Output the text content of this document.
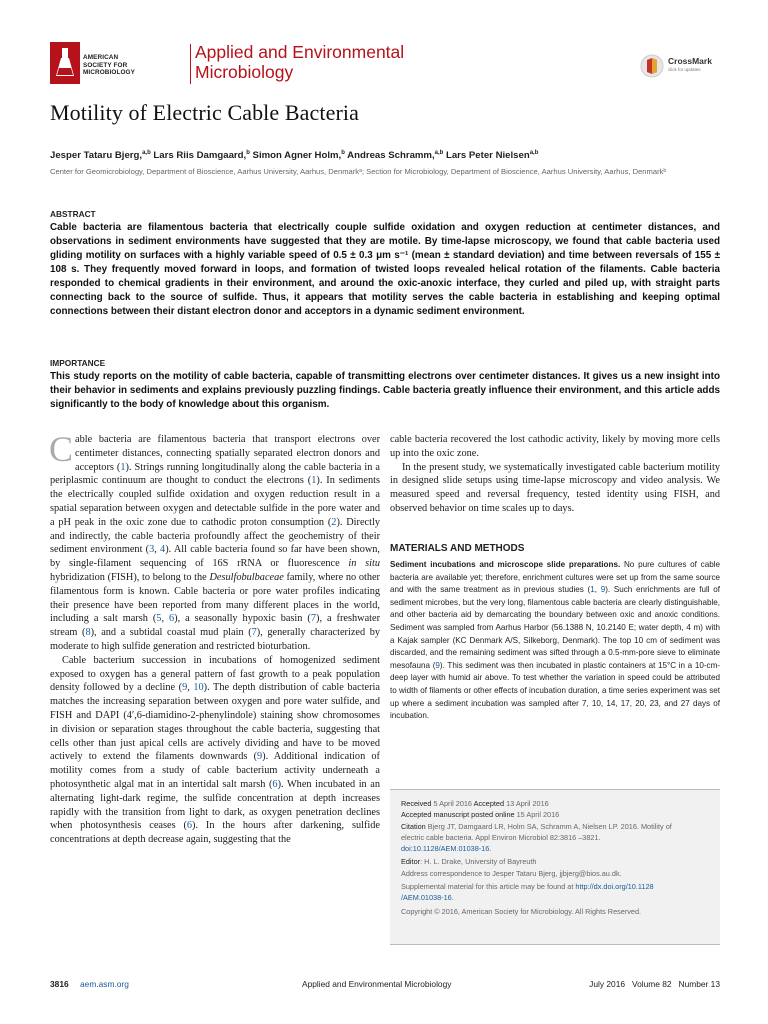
AMERICAN
SOCIETY FOR
MICROBIOLOGY
Applied and Environmental
Microbiology
CrossMark
click for updates
Motility of Electric Cable Bacteria
Jesper Tataru Bjerg,$^{a,b}$ Lars Riis Damgaard,$^b$ Simon Agner Holm,$^b$ Andreas Schramm,$^{a,b}$ Lars Peter Nielsen$^{a,b}$
Center for Geomicrobiology, Department of Bioscience, Aarhus University, Aarhus, Denmarkᵃ; Section for Microbiology, Department of Bioscience, Aarhus University, Aarhus, Denmarkᵇ
ABSTRACT
Cable bacteria are filamentous bacteria that electrically couple sulfide oxidation and oxygen reduction at centimeter distances, and observations in sediment environments have suggested that they are motile. By time-lapse microscopy, we found that cable bacteria used gliding motility on surfaces with a highly variable speed of 0.5 ± 0.3 μm s⁻¹ (mean ± standard deviation) and time between reversals of 155 ± 108 s. They frequently moved forward in loops, and formation of twisted loops revealed helical rotation of the filaments. Cable bacteria responded to chemical gradients in their environment, and around the oxic-anoxic interface, they curled and piled up, with straight parts connecting back to the source of sulfide. Thus, it appears that motility serves the cable bacteria in establishing and keeping optimal connections between their distant electron donor and acceptors in a dynamic sediment environment.
IMPORTANCE
This study reports on the motility of cable bacteria, capable of transmitting electrons over centimeter distances. It gives us a new insight into their behavior in sediments and explains previously puzzling findings. Cable bacteria greatly influence their environment, and this article adds significantly to the body of knowledge about this organism.

Cable bacteria are filamentous bacteria that transport electrons over centimeter distances, connecting spatially separated electron donors and acceptors (1). Strings running longitudinally along the cable bacteria in a periplasmic continuum are thought to conduct the electrons (1). In sediments the electrically coupled sulfide oxidation and oxygen reduction result in a spatial separation between oxygen and detectable sulfide in the pore water and a pH peak in the oxic zone due to cathodic proton consumption (2). Directly and indirectly, the cable bacteria profoundly affect the geochemistry of their sediment environment (3, 4). All cable bacteria found so far have been shown, by single-filament sequencing of 16S rRNA or fluorescence in situ hybridization (FISH), to belong to the Desulfobulbaceae family, where no other filamentous form is known. Cable bacteria or pore water profiles indicating their presence have been reported from many different places in the world, including a salt marsh (5, 6), a seasonally hypoxic basin (7), a freshwater stream (8), and a subtidal coastal mud plain (7), generally characterized by moderate to high sulfide generation and restricted bioturbation.

Cable bacterium succession in incubations of homogenized sediment exposed to oxygen has a general pattern of fast growth to a peak population density followed by a decline (9, 10). The depth distribution of cable bacteria matches the increasing separation between oxygen and pore water sulfide, and FISH and DAPI (4′,6-diamidino-2-phenylindole) staining show chromosomes in division or separation stages throughout the cable bacteria, suggesting that cells other than just apical cells are actively dividing and have to be moved actively to extend the filaments downwards (9). Additional indication of motility comes from a study of cable bacterium activity underneath a photosynthetic algal mat in an intertidal salt marsh (6). When incubated in an alternating light-dark regime, the sulfide concentration at depth increases rapidly with the transition from light to dark, as oxygen penetration declines when photosynthesis ceases (6). In the hours after darkening, sulfide concentrations at depth decrease again, suggesting that the

cable bacteria recovered the lost cathodic activity, likely by moving more cells up into the oxic zone.

In the present study, we systematically investigated cable bacterium motility in designed slide setups using time-lapse microscopy and video analysis. We measured speed and reversal frequency, tested identity using FISH, and observed behavior on time scales up to days.

MATERIALS AND METHODS
Sediment incubations and microscope slide preparations. No pure cultures of cable bacteria are available yet; therefore, enrichment cultures were set up from the same source and with the same treatment as in previous studies (1, 9). Such enrichments are full of sediment microbes, but the very long, filamentous cable bacteria are clearly distinguishable, and other bacteria aid by demarcating the boundary between oxic and anoxic conditions. Sediment was sampled from Aarhus Harbor (56.1388 N, 10.2140 E; water depth, 4 m) with a Kajak sampler (KC Denmark A/S, Silkeborg, Denmark). The top 10 cm of sediment was discarded, and the remaining sediment was sifted through a 0.5-mm-pore sieve to eliminate mesofauna (9). This sediment was then incubated in plastic containers at 15°C in a 10-cm-deep layer with humid air above. To test whether the variation in speed could be attributed to width of filaments or other effects of incubation duration, a time series experiment was set up where a sediment incubation was sampled after 7, 10, 14, 17, 20, 23, and 27 days of incubation.
Received 5 April 2016 Accepted 13 April 2016
Accepted manuscript posted online 15 April 2016
Citation Bjerg JT, Damgaard LR, Holm SA, Schramm A, Nielsen LP. 2016. Motility of
electric cable bacteria. Appl Environ Microbiol 82:3816 –3821.
doi:10.1128/AEM.01038-16.
Editor: H. L. Drake, University of Bayreuth
Address correspondence to Jesper Tataru Bjerg, jjbjerg@bios.au.dk.
Supplemental material for this article may be found at http://dx.doi.org/10.1128
/AEM.01038-16.
Copyright © 2016, American Society for Microbiology. All Rights Reserved.
3816 aem.asm.org	Applied and Environmental Microbiology	July 2016   Volume 82   Number 13
